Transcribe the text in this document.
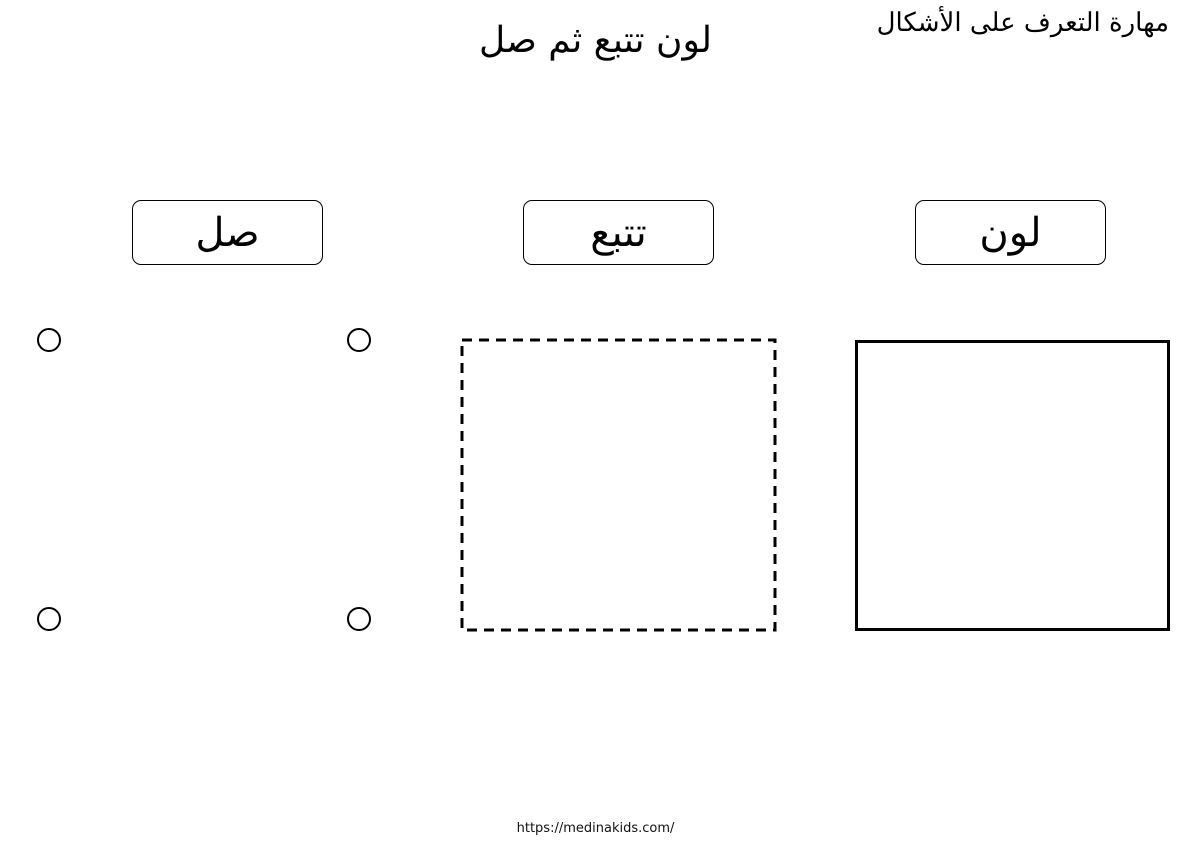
مهارة التعرف على الأشكال
لون تتبع ثم صل
صل	تتبع	لون
https://medinakids.com/
